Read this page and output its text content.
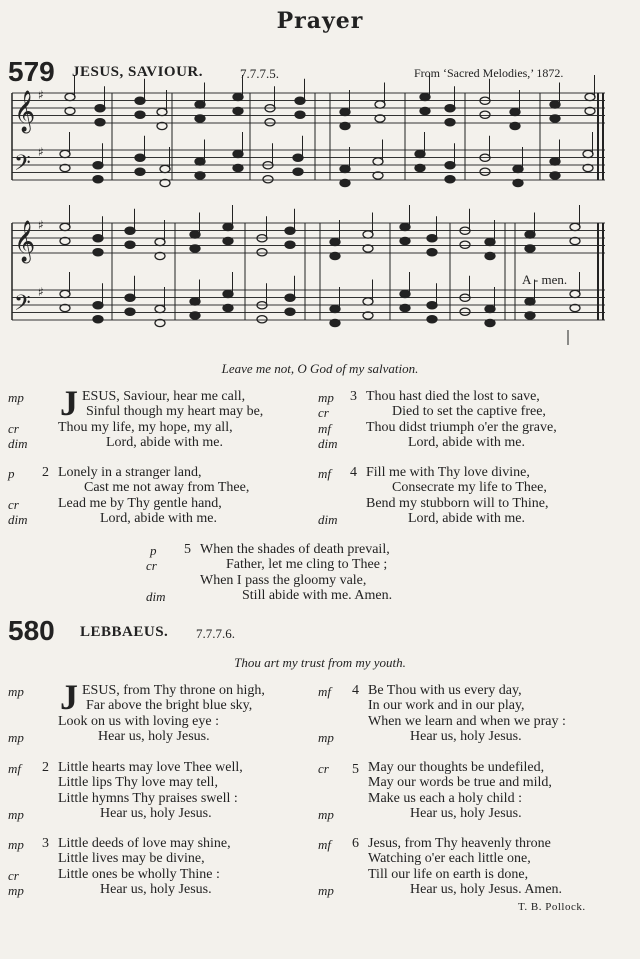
Prayer
579 JESUS, SAVIOUR.	7.7.7.5.	From ‘Sacred Melodies,’ 1872.
𝄞 ♯
𝄢 ♯
𝄞 ♯
𝄢 ♯
A - men.
Leave me not, O God of my salvation.
mp

cr
dim
J ESUS, Saviour, hear me call,
Sinful though my heart may be,
Thou my life, my hope, my all,
Lord, abide with me.
p

cr
dim
2 Lonely in a stranger land,
Cast me not away from Thee,
Lead me by Thy gentle hand,
Lord, abide with me.
mp
cr
mf
dim
3 Thou hast died the lost to save,
Died to set the captive free,
Thou didst triumph o'er the grave,
Lord, abide with me.
mf

dim
4 Fill me with Thy love divine,
Consecrate my life to Thee,
Bend my stubborn will to Thine,
Lord, abide with me.
p
cr

dim
5 When the shades of death prevail,
Father, let me cling to Thee ;
When I pass the gloomy vale,
Still abide with me. Amen.
580 LEBBAEUS. 7.7.7.6.
Thou art my trust from my youth.
mp

mp
J ESUS, from Thy throne on high,
Far above the bright blue sky,
Look on us with loving eye :
Hear us, holy Jesus.
mf

mp
2 Little hearts may love Thee well,
Little lips Thy love may tell,
Little hymns Thy praises swell :
Hear us, holy Jesus.
mp

cr
mp
3 Little deeds of love may shine,
Little lives may be divine,
Little ones be wholly Thine :
Hear us, holy Jesus.
mf

mp
4 Be Thou with us every day,
In our work and in our play,
When we learn and when we pray :
Hear us, holy Jesus.
cr

mp
5 May our thoughts be undefiled,
May our words be true and mild,
Make us each a holy child :
Hear us, holy Jesus.
mf

mp
6 Jesus, from Thy heavenly throne
Watching o'er each little one,
Till our life on earth is done,
Hear us, holy Jesus. Amen.
T. B. Pollock.
